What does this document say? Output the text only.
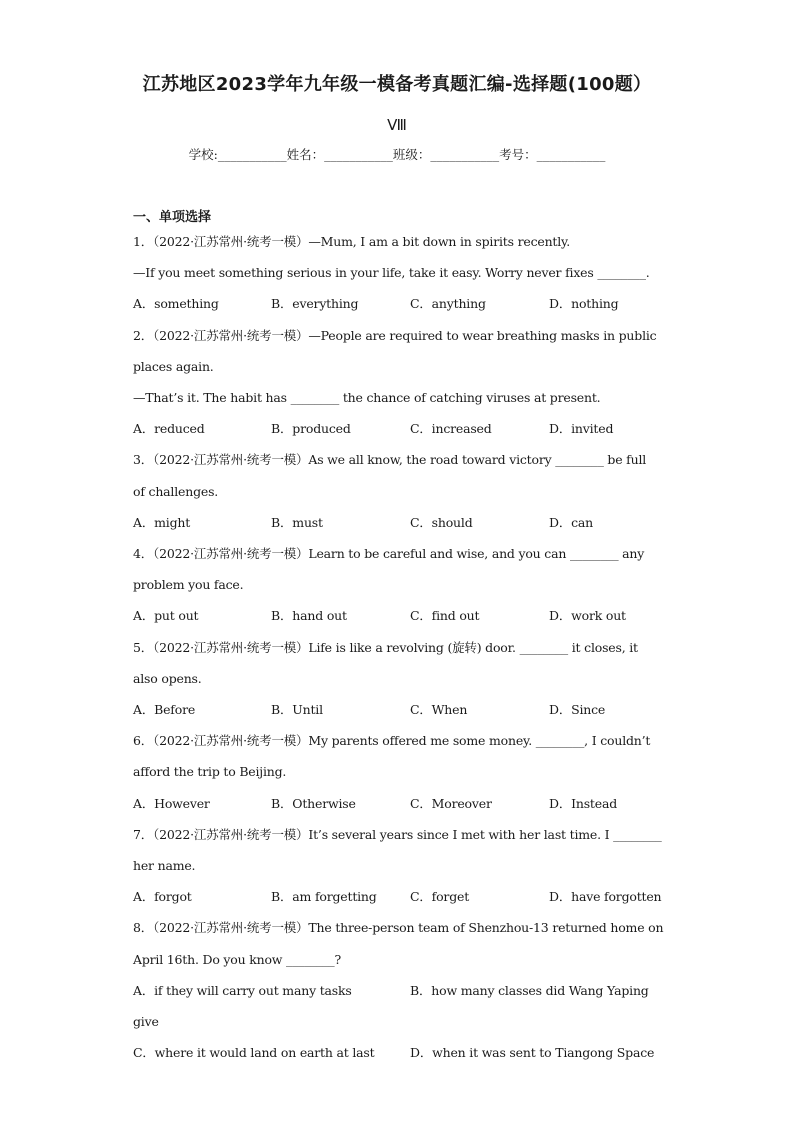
江苏地区2023学年九年级一模备考真题汇编-选择题(100题）
Ⅷ
学校:___________姓名：___________班级：___________考号：___________
一、单项选择
1．（2022·江苏常州·统考一模）—Mum, I am a bit down in spirits recently.
—If you meet something serious in your life, take it easy. Worry never fixes ________.
A．something	B．everything	C．anything	D．nothing
2．（2022·江苏常州·统考一模）—People are required to wear breathing masks in public
places again.
—That’s it. The habit has ________ the chance of catching viruses at present.
A．reduced	B．produced	C．increased	D．invited
3．（2022·江苏常州·统考一模）As we all know, the road toward victory ________ be full
of challenges.
A．might	B．must	C．should	D．can
4．（2022·江苏常州·统考一模）Learn to be careful and wise, and you can ________ any
problem you face.
A．put out	B．hand out	C．find out	D．work out
5．（2022·江苏常州·统考一模）Life is like a revolving (旋转) door. ________ it closes, it
also opens.
A．Before	B．Until	C．When	D．Since
6．（2022·江苏常州·统考一模）My parents offered me some money. ________, I couldn’t
afford the trip to Beijing.
A．However	B．Otherwise	C．Moreover	D．Instead
7．（2022·江苏常州·统考一模）It’s several years since I met with her last time. I ________
her name.
A．forgot	B．am forgetting	C．forget	D．have forgotten
8．（2022·江苏常州·统考一模）The three-person team of Shenzhou-13 returned home on
April 16th. Do you know ________?
A．if they will carry out many tasks	B．how many classes did Wang Yaping
give
C．where it would land on earth at last	D．when it was sent to Tiangong Space
